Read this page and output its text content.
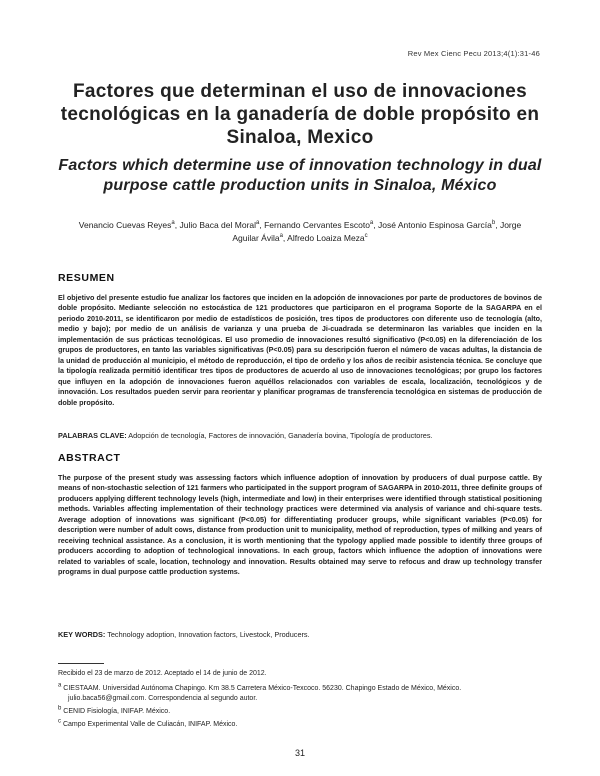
Rev Mex Cienc Pecu 2013;4(1):31-46
Factores que determinan el uso de innovaciones tecnológicas en la ganadería de doble propósito en Sinaloa, Mexico
Factors which determine use of innovation technology in dual purpose cattle production units in Sinaloa, México
Venancio Cuevas Reyes$^a$, Julio Baca del Moral$^a$, Fernando Cervantes Escoto$^a$, José Antonio Espinosa García$^b$, Jorge Aguilar Ávila$^a$, Alfredo Loaiza Meza$^c$
RESUMEN
El objetivo del presente estudio fue analizar los factores que inciden en la adopción de innovaciones por parte de productores de bovinos de doble propósito. Mediante selección no estocástica de 121 productores que participaron en el programa Soporte de la SAGARPA en el periodo 2010-2011, se identificaron por medio de estadísticos de posición, tres tipos de productores con diferente uso de tecnología (alto, medio y bajo); por medio de un análisis de varianza y una prueba de Ji-cuadrada se determinaron las variables que inciden en la implementación de sus prácticas tecnológicas. El uso promedio de innovaciones resultó significativo (P<0.05) en la diferenciación de los grupos de productores, en tanto las variables significativas (P<0.05) para su descripción fueron el número de vacas adultas, la distancia de la unidad de producción al municipio, el método de reproducción, el tipo de ordeño y los años de recibir asistencia técnica. Se concluye que la tipología realizada permitió identificar tres tipos de productores de acuerdo al uso de innovaciones tecnológicas; por grupo los factores que influyen en la adopción de innovaciones fueron aquéllos relacionados con variables de escala, localización, tecnológicos y de innovación. Los resultados pueden servir para reorientar y planificar programas de transferencia tecnológica en sistemas de producción de doble propósito.
PALABRAS CLAVE: Adopción de tecnología, Factores de innovación, Ganadería bovina, Tipología de productores.
ABSTRACT
The purpose of the present study was assessing factors which influence adoption of innovation by producers of dual purpose cattle. By means of non-stochastic selection of 121 farmers who participated in the support program of SAGARPA in 2010-2011, three definite groups of producers applying different technology levels (high, intermediate and low) in their enterprises were identified through statistical positioning methods. Variables affecting implementation of their technology practices were determined via analysis of variance and chi-square tests. Average adoption of innovations was significant (P<0.05) for differentiating producer groups, while significant variables (P<0.05) for description were number of adult cows, distance from production unit to municipality, method of reproduction, types of milking and years of receiving technical assistance. As a conclusion, it is worth mentioning that the typology applied made possible to identify three groups of producers according to adoption of technological innovations. In each group, factors which influence the adoption of innovations were related to variables of scale, location, technology and innovation. Results obtained may serve to refocus and draw up technology transfer programs in dual purpose cattle production systems.
KEY WORDS: Technology adoption, Innovation factors, Livestock, Producers.
Recibido el 23 de marzo de 2012. Aceptado el 14 de junio de 2012.
$^a$ CIESTAAM. Universidad Autónoma Chapingo. Km 38.5 Carretera México-Texcoco. 56230. Chapingo Estado de México, México.
julio.baca56@gmail.com. Correspondencia al segundo autor.
$^b$ CENID Fisiología, INIFAP. México.
$^c$ Campo Experimental Valle de Culiacán, INIFAP. México.
31
